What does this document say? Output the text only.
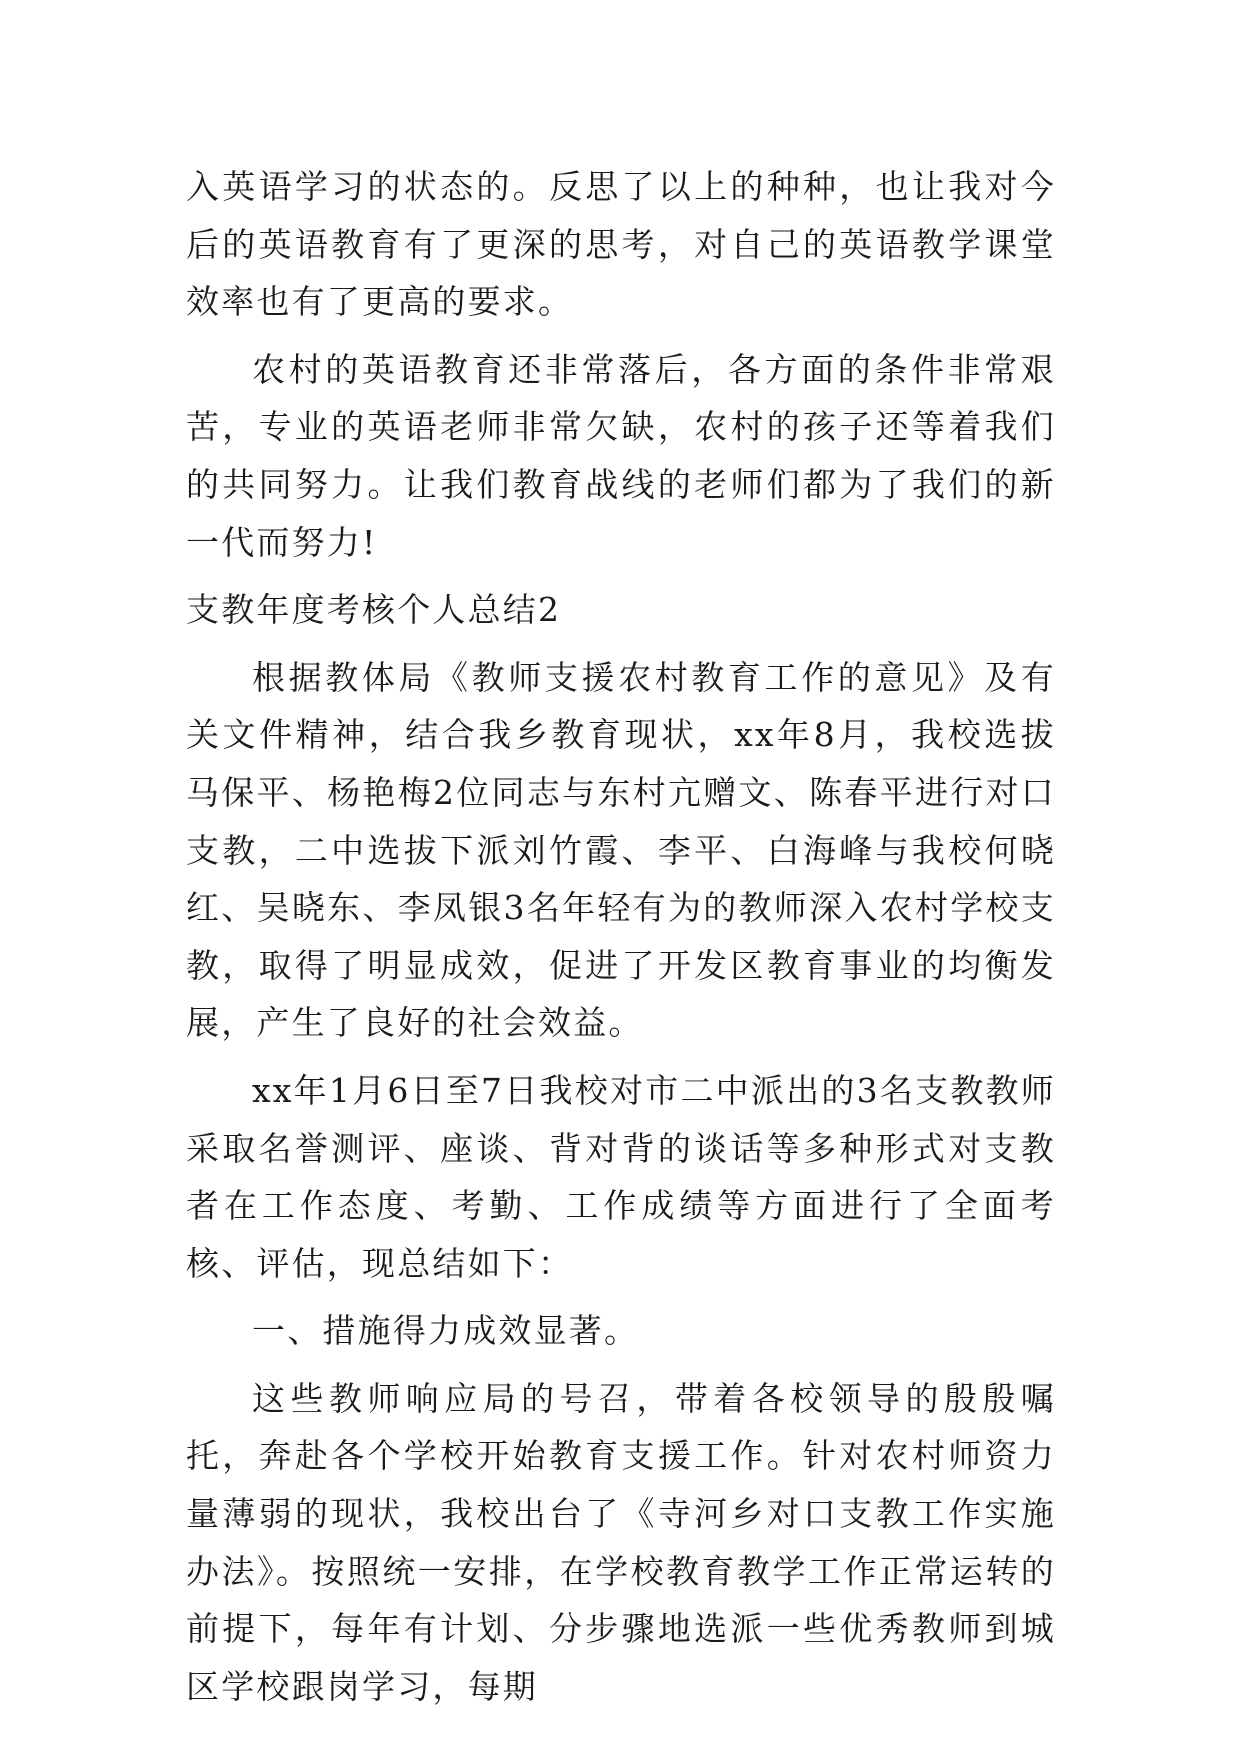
入英语学习的状态的。反思了以上的种种，也让我对今后的英语教育有了更深的思考，对自己的英语教学课堂效率也有了更高的要求。

农村的英语教育还非常落后，各方面的条件非常艰苦，专业的英语老师非常欠缺，农村的孩子还等着我们的共同努力。让我们教育战线的老师们都为了我们的新一代而努力!

支教年度考核个人总结2

根据教体局《教师支援农村教育工作的意见》及有关文件精神，结合我乡教育现状，xx年8月，我校选拔马保平、杨艳梅2位同志与东村亢赠文、陈春平进行对口支教，二中选拔下派刘竹霞、李平、白海峰与我校何晓红、吴晓东、李凤银3名年轻有为的教师深入农村学校支教，取得了明显成效，促进了开发区教育事业的均衡发展，产生了良好的社会效益。

xx年1月6日至7日我校对市二中派出的3名支教教师采取名誉测评、座谈、背对背的谈话等多种形式对支教者在工作态度、考勤、工作成绩等方面进行了全面考核、评估，现总结如下：

一、措施得力成效显著。

这些教师响应局的号召，带着各校领导的殷殷嘱托，奔赴各个学校开始教育支援工作。针对农村师资力量薄弱的现状，我校出台了《寺河乡对口支教工作实施办法》。按照统一安排，在学校教育教学工作正常运转的前提下，每年有计划、分步骤地选派一些优秀教师到城区学校跟岗学习，每期
